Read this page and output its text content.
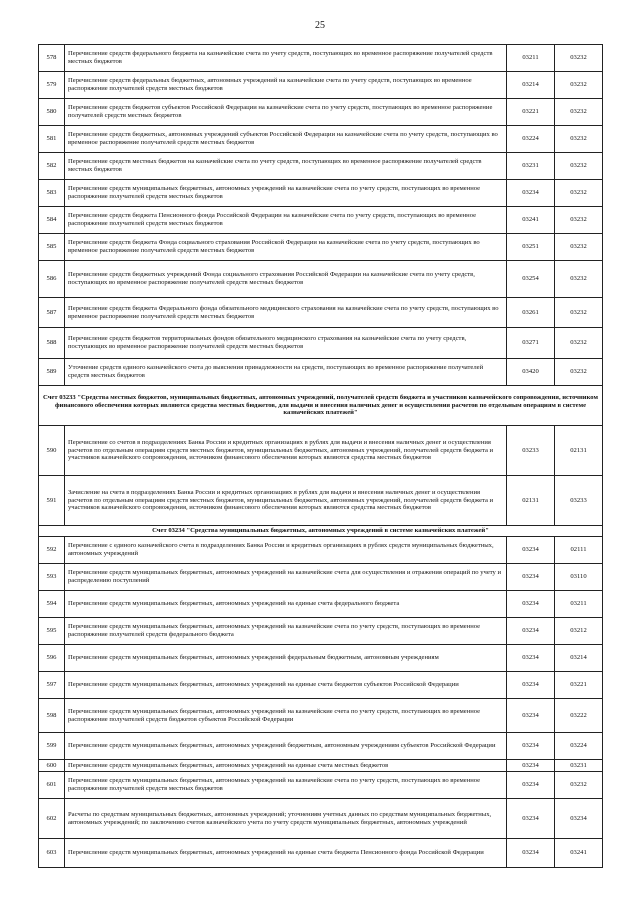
25
578	Перечисление средств федерального бюджета на казначейские счета по учету средств, поступающих во временное распоряжение получателей средств местных бюджетов	03211	03232
579	Перечисление средств федеральных бюджетных, автономных учреждений на казначейские счета по учету средств, поступающих во временное распоряжение получателей средств местных бюджетов	03214	03232
580	Перечисление средств бюджетов субъектов Российской Федерации на казначейские счета по учету средств, поступающих во временное распоряжение получателей средств местных бюджетов	03221	03232
581	Перечисление средств бюджетных, автономных учреждений субъектов Российской Федерации на казначейские счета по учету средств, поступающих во временное распоряжение получателей средств местных бюджетов	03224	03232
582	Перечисление средств местных бюджетов на казначейские счета по учету средств, поступающих во временное распоряжение получателей средств местных бюджетов	03231	03232
583	Перечисление средств муниципальных бюджетных, автономных учреждений на казначейские счета по учету средств, поступающих во временное распоряжение получателей средств местных бюджетов	03234	03232
584	Перечисление средств бюджета Пенсионного фонда Российской Федерации на казначейские счета по учету средств, поступающих во временное распоряжение получателей средств местных бюджетов	03241	03232
585	Перечисление средств бюджета Фонда социального страхования Российской Федерации на казначейские счета по учету средств, поступающих во временное распоряжение получателей средств местных бюджетов	03251	03232
586	Перечисление средств бюджетных учреждений Фонда социального страхования Российской Федерации на казначейские счета по учету средств, поступающих во временное распоряжение получателей средств местных бюджетов	03254	03232
587	Перечисление средств бюджета Федерального фонда обязательного медицинского страхования на казначейские счета по учету средств, поступающих во временное распоряжение получателей средств местных бюджетов	03261	03232
588	Перечисление средств бюджетов территориальных фондов обязательного медицинского страхования на казначейские счета по учету средств, поступающих во временное распоряжение получателей средств местных бюджетов	03271	03232
589	Уточнение средств единого казначейского счета до выяснения принадлежности на средств, поступающих во временное распоряжение получателей средств местных бюджетов	03420	03232
Счет 03233 "Средства местных бюджетов, муниципальных бюджетных, автономных учреждений, получателей средств бюджета и участников казначейского сопровождения, источником финансового обеспечения которых являются средства местных бюджетов, для выдачи и внесения наличных денег и осуществления расчетов по отдельным операциям в системе казначейских платежей"			
590	Перечисление со счетов в подразделениях Банка России и кредитных организациях в рублях для выдачи и внесения наличных денег и осуществления расчетов по отдельным операциям средств местных бюджетов, муниципальных бюджетных, автономных учреждений, получателей средств бюджета и участников казначейского сопровождения, источником финансового обеспечения которых являются средства местных бюджетов	03233	02131
591	Зачисление на счета в подразделениях Банка России и кредитных организациях в рублях для выдачи и внесения наличных денег и осуществления расчетов по отдельным операциям средств местных бюджетов, муниципальных бюджетных, автономных учреждений, получателей средств бюджета и участников казначейского сопровождения, источником финансового обеспечения которых являются средства местных бюджетов	02131	03233
Счет 03234 "Средства муниципальных бюджетных, автономных учреждений в системе казначейских платежей"			
592	Перечисление с единого казначейского счета в подразделениях Банка России и кредитных организациях в рублях средств муниципальных бюджетных, автономных учреждений	03234	02111
593	Перечисление средств муниципальных бюджетных, автономных учреждений на казначейские счета для осуществления и отражения операций по учету и распределению поступлений	03234	03110
594	Перечисление средств муниципальных бюджетных, автономных учреждений на единые счета федерального бюджета	03234	03211
595	Перечисление средств муниципальных бюджетных, автономных учреждений на казначейские счета по учету средств, поступающих во временное распоряжение получателей средств федерального бюджета	03234	03212
596	Перечисление средств муниципальных бюджетных, автономных учреждений федеральным бюджетным, автономным учреждениям	03234	03214
597	Перечисление средств муниципальных бюджетных, автономных учреждений на единые счета бюджетов субъектов Российской Федерации	03234	03221
598	Перечисление средств муниципальных бюджетных, автономных учреждений на казначейские счета по учету средств, поступающих во временное распоряжение получателей средств бюджетов субъектов Российской Федерации	03234	03222
599	Перечисление средств муниципальных бюджетных, автономных учреждений бюджетным, автономным учреждениям субъектов Российской Федерации	03234	03224
600	Перечисление средств муниципальных бюджетных, автономных учреждений на единые счета местных бюджетов	03234	03231
601	Перечисление средств муниципальных бюджетных, автономных учреждений на казначейские счета по учету средств, поступающих во временное распоряжение получателей средств местных бюджетов	03234	03232
602	Расчеты по средствам муниципальных бюджетных, автономных учреждений; уточнениям учетных данных по средствам муниципальных бюджетных, автономных учреждений; по заключению счетов казначейского учета по учету средств муниципальных бюджетных, автономных учреждений	03234	03234
603	Перечисление средств муниципальных бюджетных, автономных учреждений на единые счета бюджета Пенсионного фонда Российской Федерации	03234	03241
